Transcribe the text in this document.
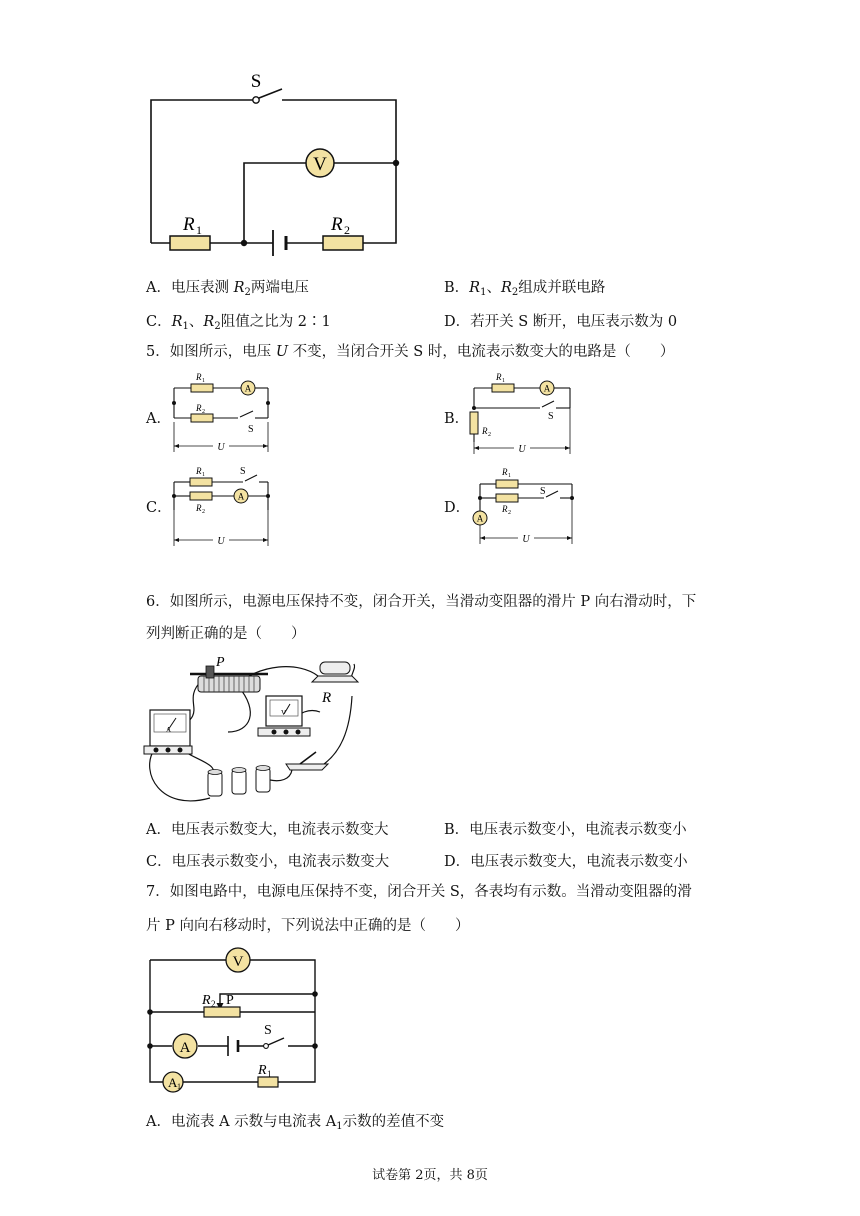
V
S
R 1	R 2
A．电压表测 $R_2$两端电压	B．$R_1$、$R_2$组成并联电路
C．$R_1$、$R_2$阻值之比为 2∶1	D．若开关 S 断开，电压表示数为 0
5．如图所示，电压 U 不变，当闭合开关 S 时，电流表示数变大的电路是（　　）
A．
A
R 1
R 2
S
U
B．
A
R 1
R 2
S
U
C．
A
R 1
R 2
S
U
D．
A
R 1
R 2
S
U
6．如图所示，电源电压保持不变，闭合开关，当滑动变阻器的滑片 P 向右滑动时，下
列判断正确的是（　　）
P
R
V
A
A．电压表示数变大，电流表示数变大	B．电压表示数变小，电流表示数变小
C．电压表示数变小，电流表示数变大	D．电压表示数变大，电流表示数变小
7．如图电路中，电源电压保持不变，闭合开关 S，各表均有示数。当滑动变阻器的滑
片 P 向向右移动时，下列说法中正确的是（　　）
V
A
A 1
R 2 P
S
R 1
A．电流表 A 示数与电流表 $A_1$示数的差值不变
试卷第 2页，共 8页
